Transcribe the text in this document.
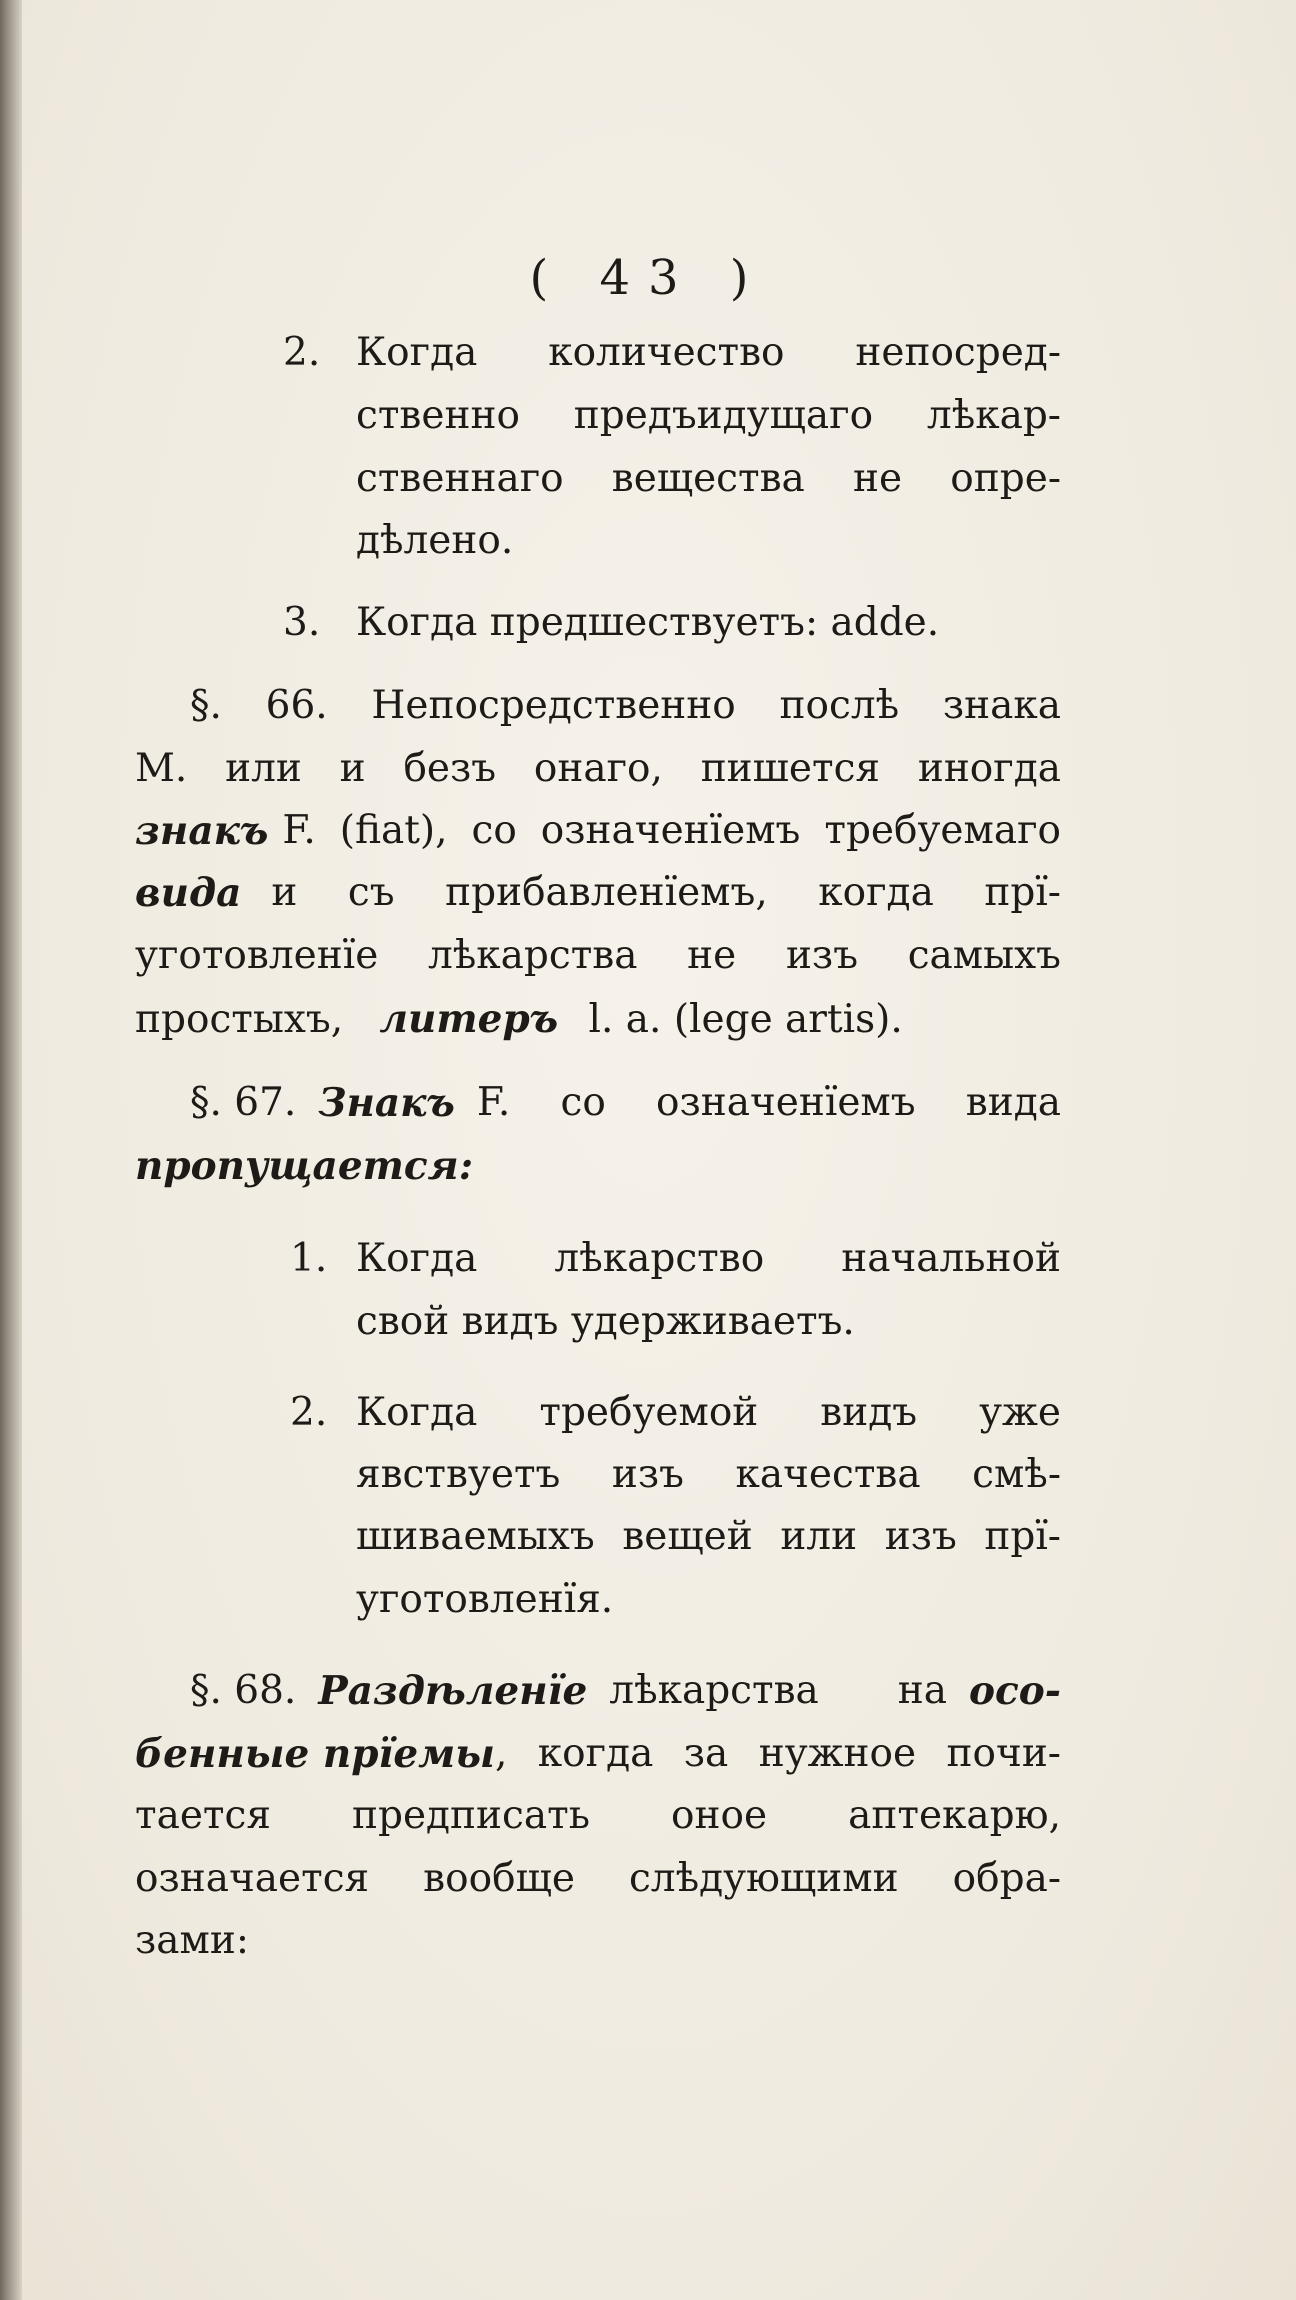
( 43 )
2. Когда количество непосред-
ственно предъидущаго лѣкар-
ственнаго вещества не опре-
дѣлено.
3. Когда предшествуетъ: adde.
§. 66. Непосредственно послѣ знака
M. или и безъ онаго, пишется иногда
знакъ F. (fiat), со означенїемъ требуемаго
вида и съ прибавленїемъ, когда прї-
уготовленїе лѣкарства не изъ самыхъ
простыхъ, литеръ l. a. (lege artis).
§. 67. Знакъ F. со означенїемъ вида
пропущается:
1. Когда лѣкарство начальной
свой видъ удерживаетъ.
2. Когда требуемой видъ уже
явствуетъ изъ качества смѣ-
шиваемыхъ вещей или изъ прї-
уготовленїя.
§. 68. Раздѣленїе лѣкарства на осо-
бенные прїемы , когда за нужное почи-
тается предписать оное аптекарю,
означается вообще слѣдующими обра-
зами:
